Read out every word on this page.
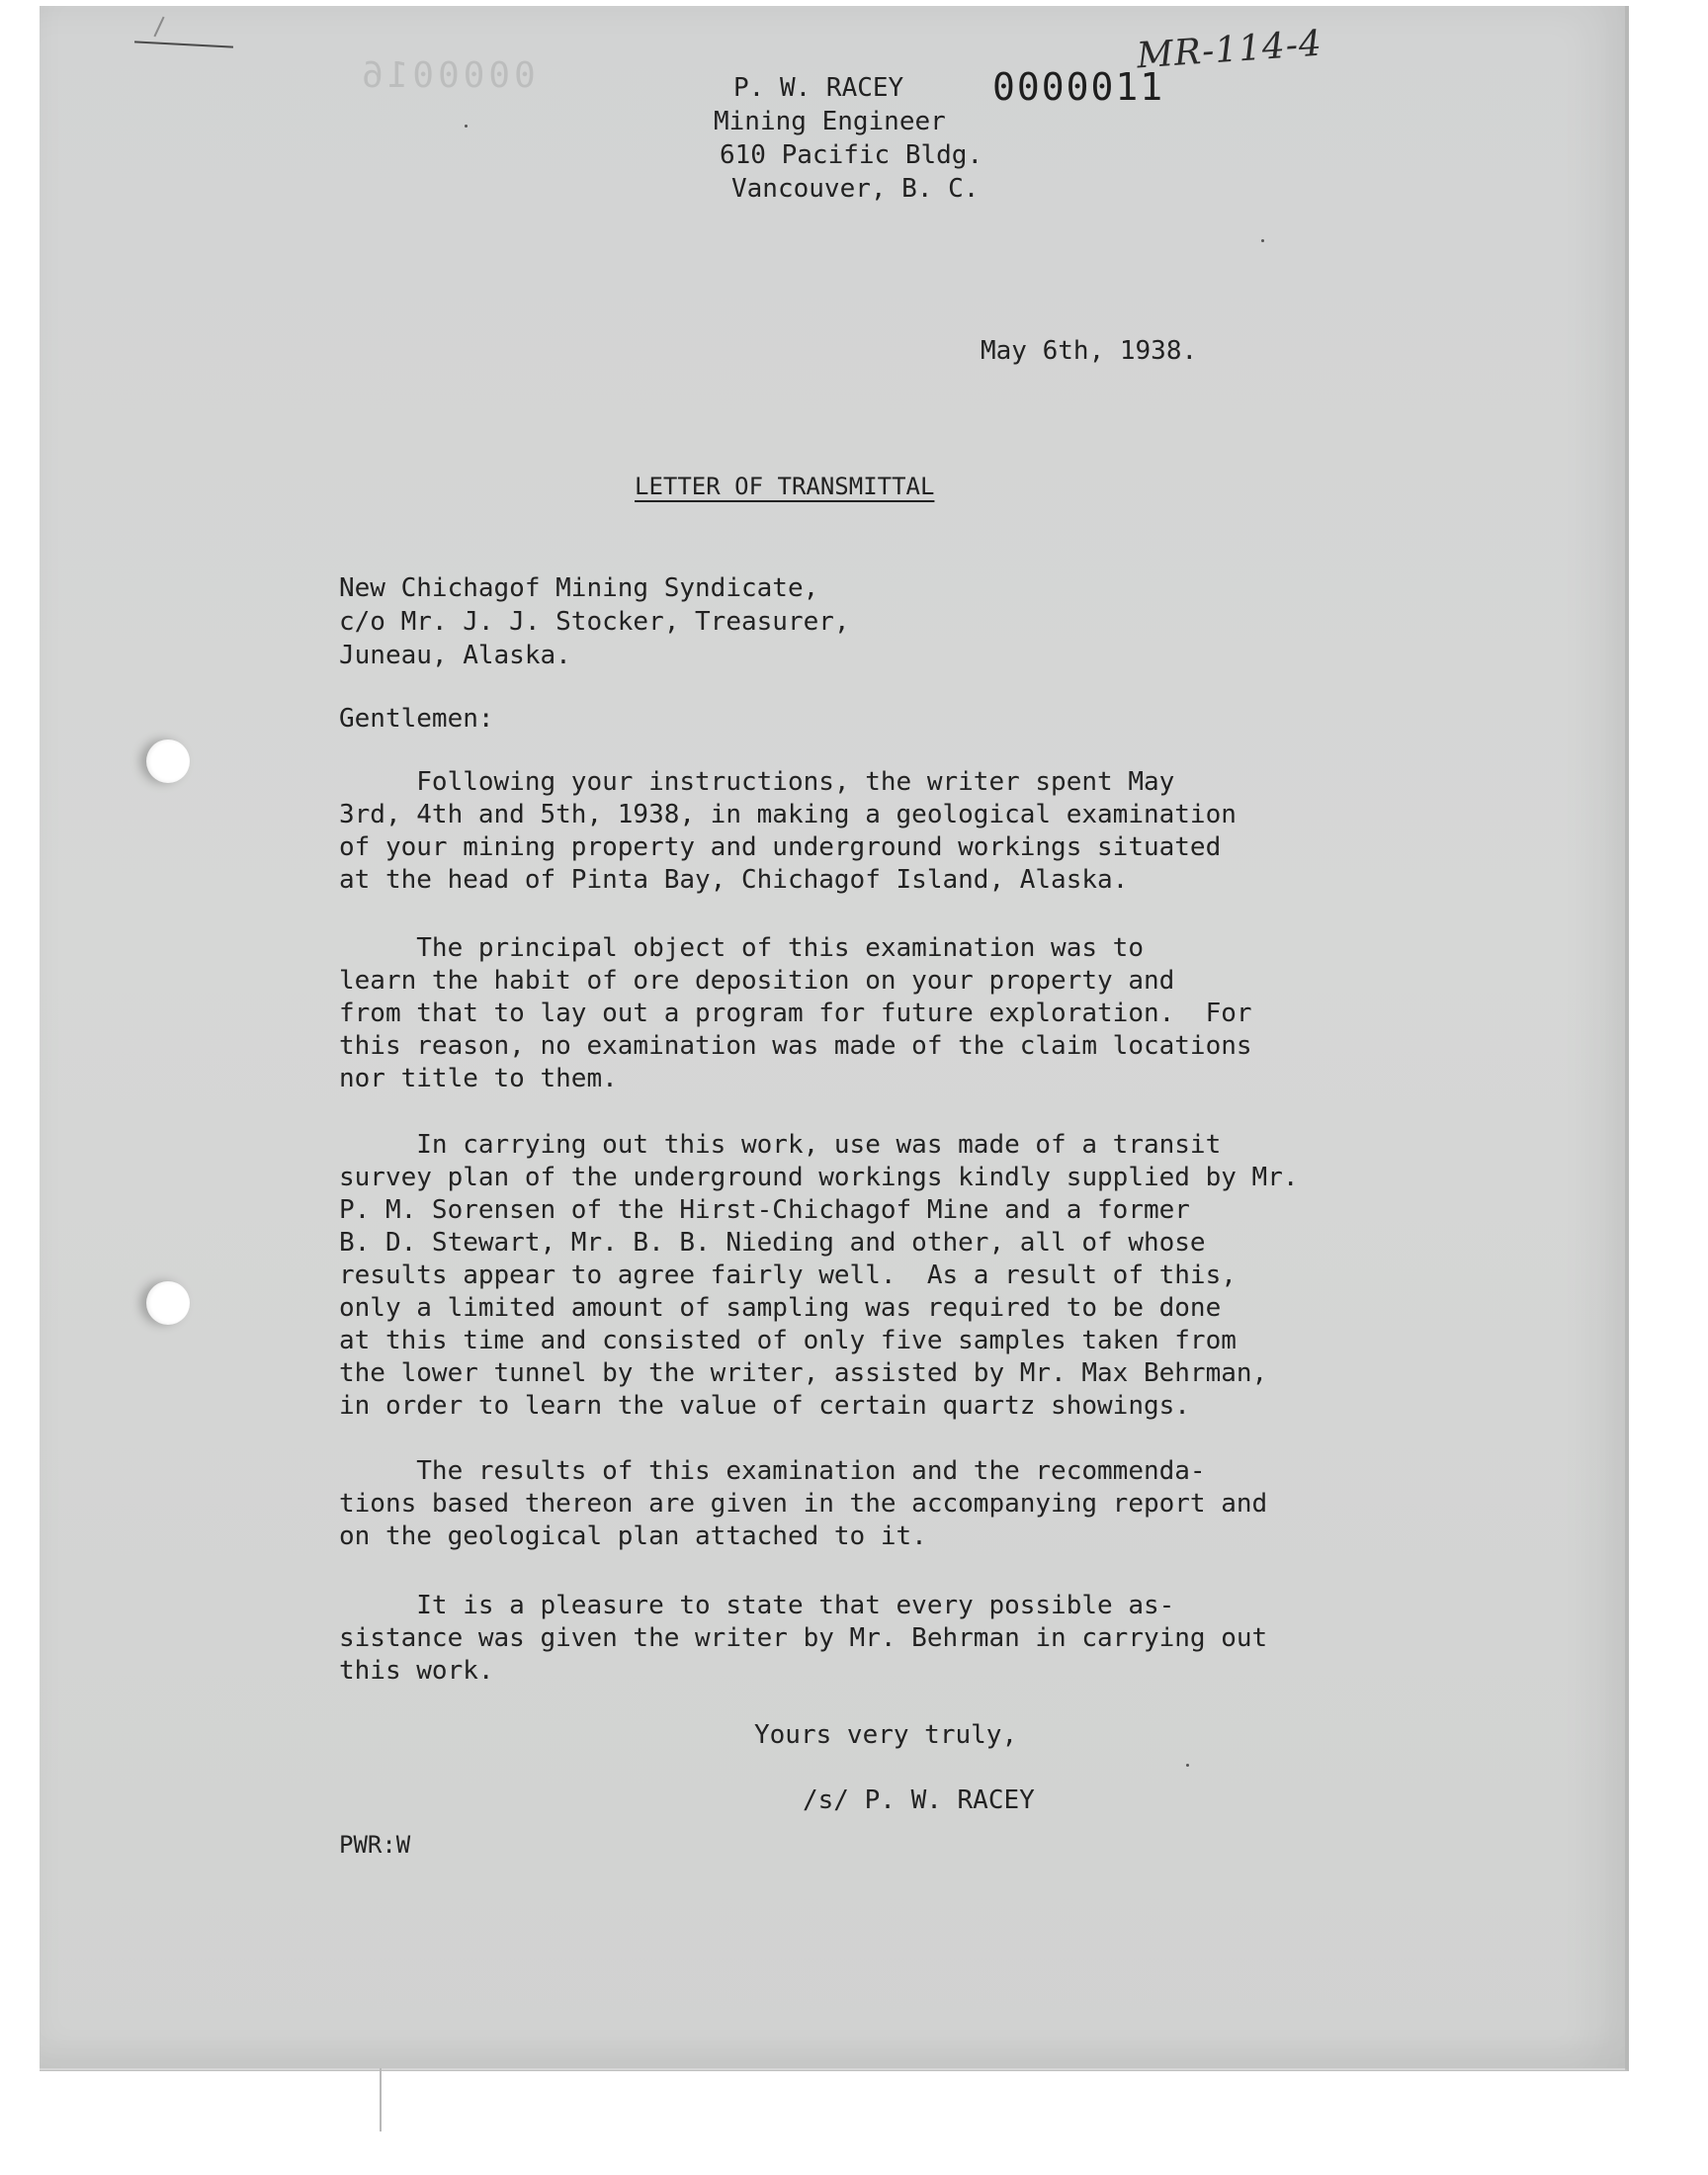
0000016	0000011
MR-114-4
P. W. RACEY
Mining Engineer
610 Pacific Bldg.
Vancouver, B. C.
May 6th, 1938.
LETTER OF TRANSMITTAL
New Chichagof Mining Syndicate,
c/o Mr. J. J. Stocker, Treasurer,
Juneau, Alaska.
Gentlemen:
Following your instructions, the writer spent May
3rd, 4th and 5th, 1938, in making a geological examination
of your mining property and underground workings situated
at the head of Pinta Bay, Chichagof Island, Alaska.
The principal object of this examination was to
learn the habit of ore deposition on your property and
from that to lay out a program for future exploration.  For
this reason, no examination was made of the claim locations
nor title to them.
In carrying out this work, use was made of a transit
survey plan of the underground workings kindly supplied by Mr.
P. M. Sorensen of the Hirst-Chichagof Mine and a former
B. D. Stewart, Mr. B. B. Nieding and other, all of whose
results appear to agree fairly well.  As a result of this,
only a limited amount of sampling was required to be done
at this time and consisted of only five samples taken from
the lower tunnel by the writer, assisted by Mr. Max Behrman,
in order to learn the value of certain quartz showings.
The results of this examination and the recommenda-
tions based thereon are given in the accompanying report and
on the geological plan attached to it.
It is a pleasure to state that every possible as-
sistance was given the writer by Mr. Behrman in carrying out
this work.
Yours very truly,
/s/ P. W. RACEY
PWR:W
